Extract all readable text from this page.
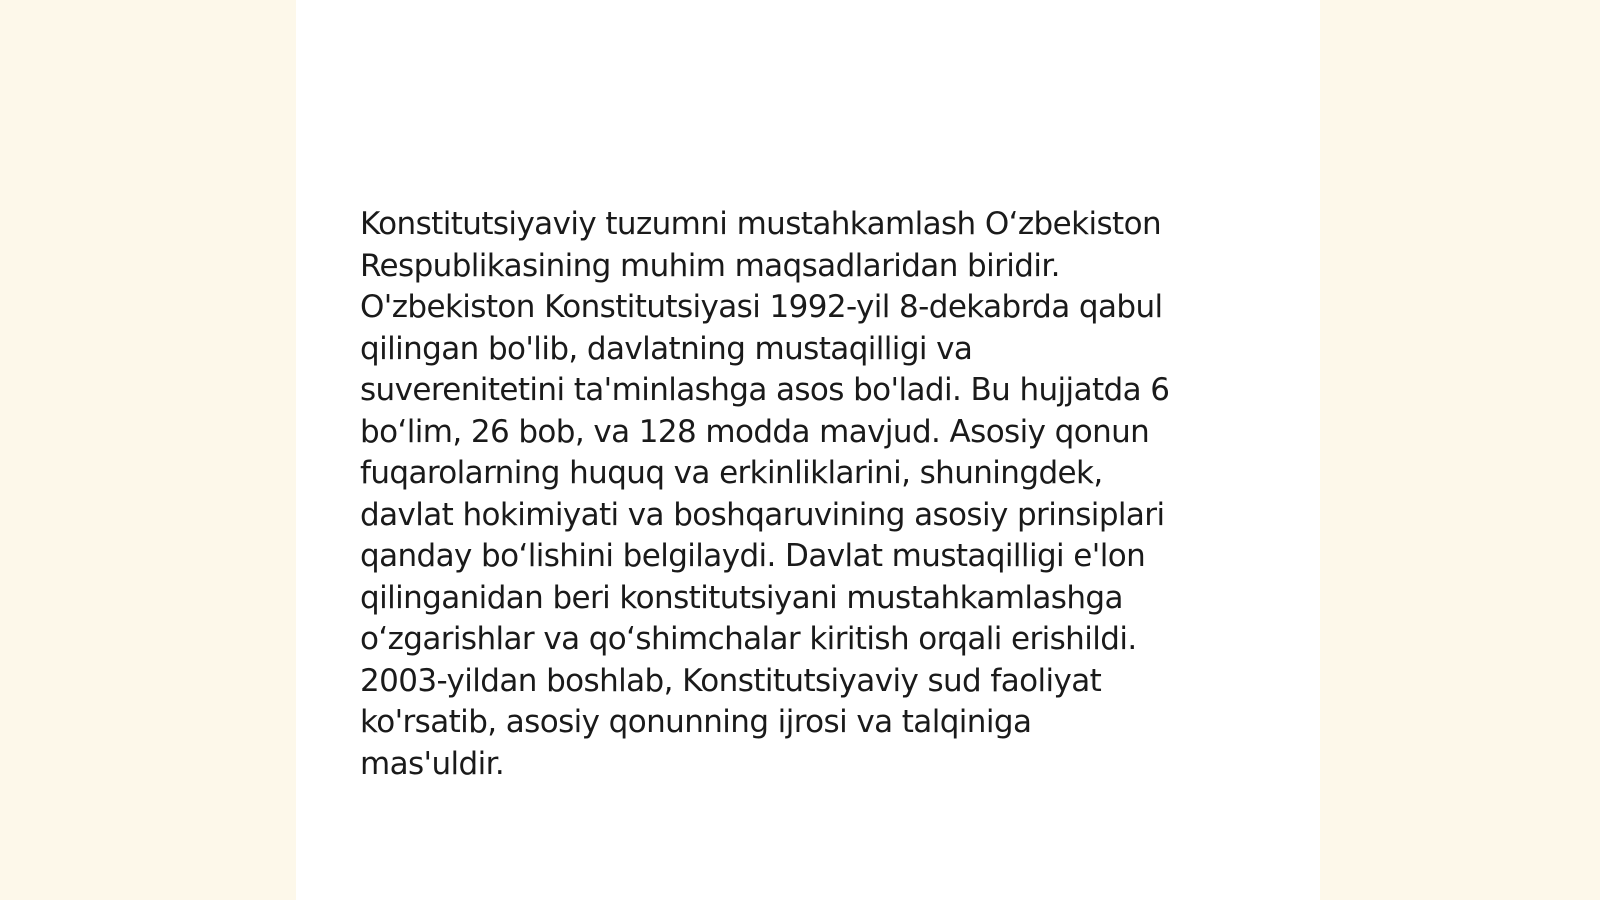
Konstitutsiyaviy tuzumni mustahkamlash O‘zbekiston
Respublikasining muhim maqsadlaridan biridir.
O'zbekiston Konstitutsiyasi 1992-yil 8-dekabrda qabul
qilingan bo'lib, davlatning mustaqilligi va
suverenitetini ta'minlashga asos bo'ladi. Bu hujjatda 6
bo‘lim, 26 bob, va 128 modda mavjud. Asosiy qonun
fuqarolarning huquq va erkinliklarini, shuningdek,
davlat hokimiyati va boshqaruvining asosiy prinsiplari
qanday bo‘lishini belgilaydi. Davlat mustaqilligi e'lon
qilinganidan beri konstitutsiyani mustahkamlashga
o‘zgarishlar va qo‘shimchalar kiritish orqali erishildi.
2003-yildan boshlab, Konstitutsiyaviy sud faoliyat
ko'rsatib, asosiy qonunning ijrosi va talqiniga
mas'uldir.
